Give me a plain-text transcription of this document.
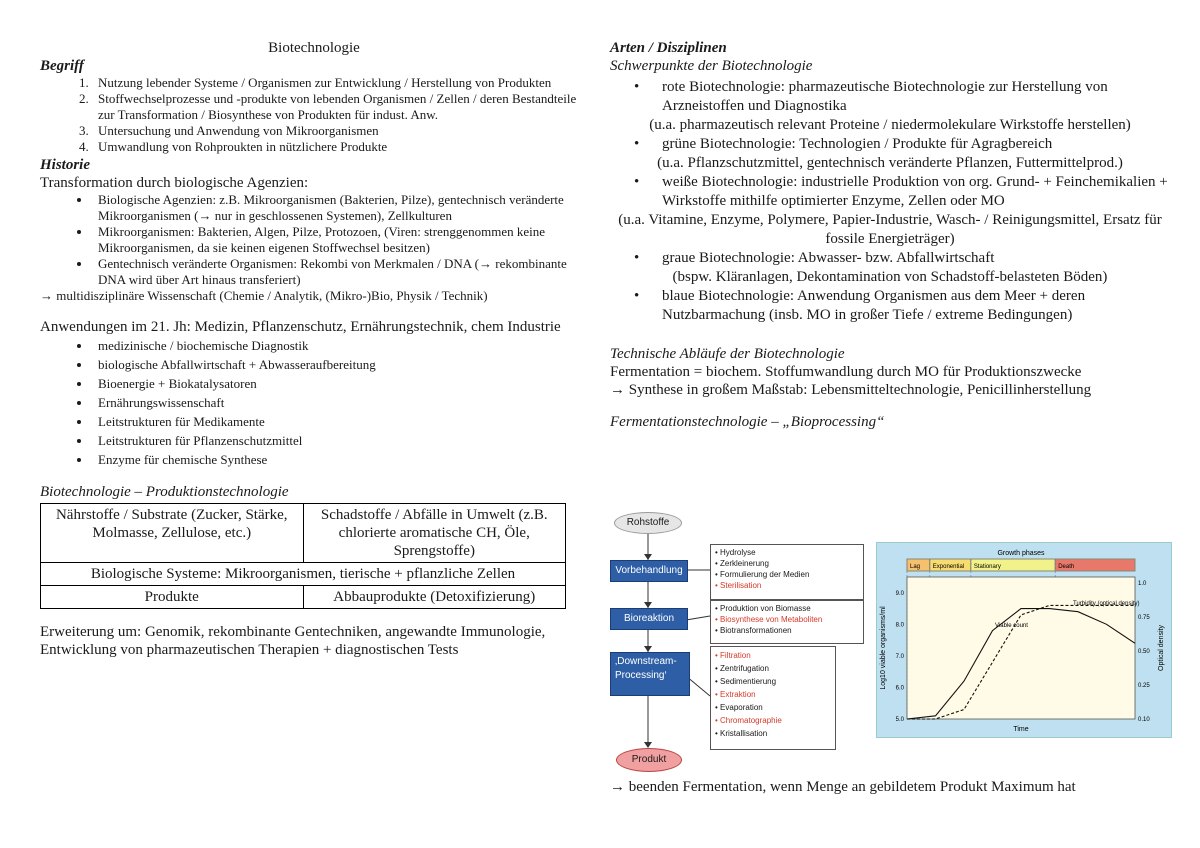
Biotechnologie

Begriff

1. Nutzung lebender Systeme / Organismen zur Entwicklung / Herstellung von Produkten
2. Stoffwechselprozesse und -produkte von lebenden Organismen / Zellen / deren Bestandteile zur Transformation / Biosynthese von Produkten für indust. Anw.
3. Untersuchung und Anwendung von Mikroorganismen
4. Umwandlung von Rohproukten in nützlichere Produkte

Historie

Transformation durch biologische Agenzien:

• Biologische Agenzien: z.B. Mikroorganismen (Bakterien, Pilze), gentechnisch veränderte Mikroorganismen (→ nur in geschlossenen Systemen), Zellkulturen
• Mikroorganismen: Bakterien, Algen, Pilze, Protozoen, (Viren: strenggenommen keine Mikroorganismen, da sie keinen eigenen Stoffwechsel besitzen)
• Gentechnisch veränderte Organismen: Rekombi von Merkmalen / DNA (→ rekombinante DNA wird über Art hinaus transferiert)

→ multidisziplinäre Wissenschaft (Chemie / Analytik, (Mikro-)Bio, Physik / Technik)

Anwendungen im 21. Jh: Medizin, Pflanzenschutz, Ernährungstechnik, chem Industrie

• medizinische / biochemische Diagnostik
• biologische Abfallwirtschaft + Abwasseraufbereitung
• Bioenergie + Biokatalysatoren
• Ernährungswissenschaft
• Leitstrukturen für Medikamente
• Leitstrukturen für Pflanzenschutzmittel
• Enzyme für chemische Synthese

Biotechnologie – Produktionstechnologie

Nährstoffe / Substrate (Zucker, Stärke, Molmasse, Zellulose, etc.)	Schadstoffe / Abfälle in Umwelt (z.B. chlorierte aromatische CH, Öle, Sprengstoffe)
Biologische Systeme: Mikroorganismen, tierische + pflanzliche Zellen	
Produkte	Abbauprodukte (Detoxifizierung)

Erweiterung um: Genomik, rekombinante Gentechniken, angewandte Immunologie, Entwicklung von pharmazeutischen Therapien + diagnostischen Tests

Arten / Disziplinen

Schwerpunkte der Biotechnologie

• rote Biotechnologie: pharmazeutische Biotechnologie zur Herstellung von Arzneistoffen und Diagnostika
(u.a. pharmazeutisch relevant Proteine / niedermolekulare Wirkstoffe herstellen)
• grüne Biotechnologie: Technologien / Produkte für Agragbereich
(u.a. Pflanzschutzmittel, gentechnisch veränderte Pflanzen, Futtermittelprod.)
• weiße Biotechnologie: industrielle Produktion von org. Grund- + Feinchemikalien + Wirkstoffe mithilfe optimierter Enzyme, Zellen oder MO
(u.a. Vitamine, Enzyme, Polymere, Papier-Industrie, Wasch- / Reinigungsmittel, Ersatz für fossile Energieträger)
• graue Biotechnologie: Abwasser- bzw. Abfallwirtschaft
(bspw. Kläranlagen, Dekontamination von Schadstoff-belasteten Böden)
• blaue Biotechnologie: Anwendung Organismen aus dem Meer + deren Nutzbarmachung (insb. MO in großer Tiefe / extreme Bedingungen)

Technische Abläufe der Biotechnologie

Fermentation = biochem. Stoffumwandlung durch MO für Produktionszwecke

→ Synthese in großem Maßstab: Lebensmitteltechnologie, Penicillinherstellung

Fermentationstechnologie – „Bioprocessing“

Rohstoffe
Vorbehandlung
Bioreaktion
‚Downstream-Processing‘
Produkt
• Hydrolyse
• Zerkleinerung
• Formulierung der Medien
• Sterilisation
• Produktion von Biomasse
• Biosynthese von Metaboliten
• Biotransformationen
• Filtration
• Zentrifugation
• Sedimentierung
• Extraktion
• Evaporation
• Chromatographie
• Kristallisation
Growth phases
Lag Exponential Stationary	Death
5.0
6.0
7.0
8.0
9.0
0.10
0.25
0.50
0.75
1.0
Time
Log10 viable organisms/ml	Optical density
Viable count
Turbidity (optical density)

→ beenden Fermentation, wenn Menge an gebildetem Produkt Maximum hat
